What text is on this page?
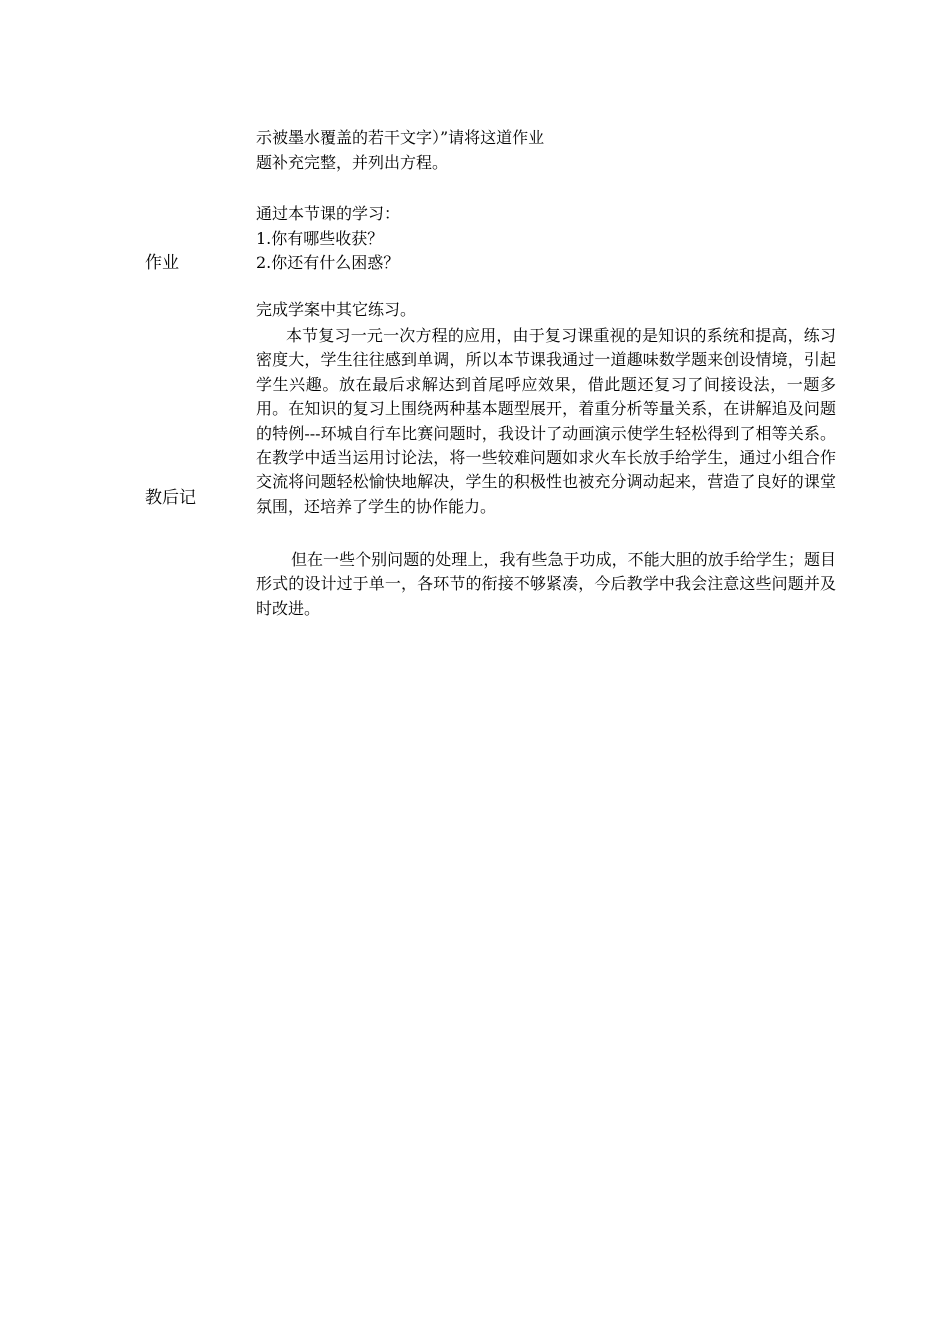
示被墨水覆盖的若干文字）”请将这道作业
题补充完整，并列出方程。
通过本节课的学习：
1.你有哪些收获？
作业	2.你还有什么困惑？
完成学案中其它练习。

本节复习一元一次方程的应用，由于复习课重视的是知识的系统和提高，练习密度大，学生往往感到单调，所以本节课我通过一道趣味数学题来创设情境，引起学生兴趣。放在最后求解达到首尾呼应效果，借此题还复习了间接设法，一题多用。在知识的复习上围绕两种基本题型展开，着重分析等量关系，在讲解追及问题的特例---环城自行车比赛问题时，我设计了动画演示使学生轻松得到了相等关系。在教学中适当运用讨论法，将一些较难问题如求火车长放手给学生，通过小组合作交流将问题轻松愉快地解决，学生的积极性也被充分调动起来，营造了良好的课堂氛围，还培养了学生的协作能力。

教后记

但在一些个别问题的处理上，我有些急于功成，不能大胆的放手给学生；题目形式的设计过于单一，各环节的衔接不够紧凑，今后教学中我会注意这些问题并及时改进。
